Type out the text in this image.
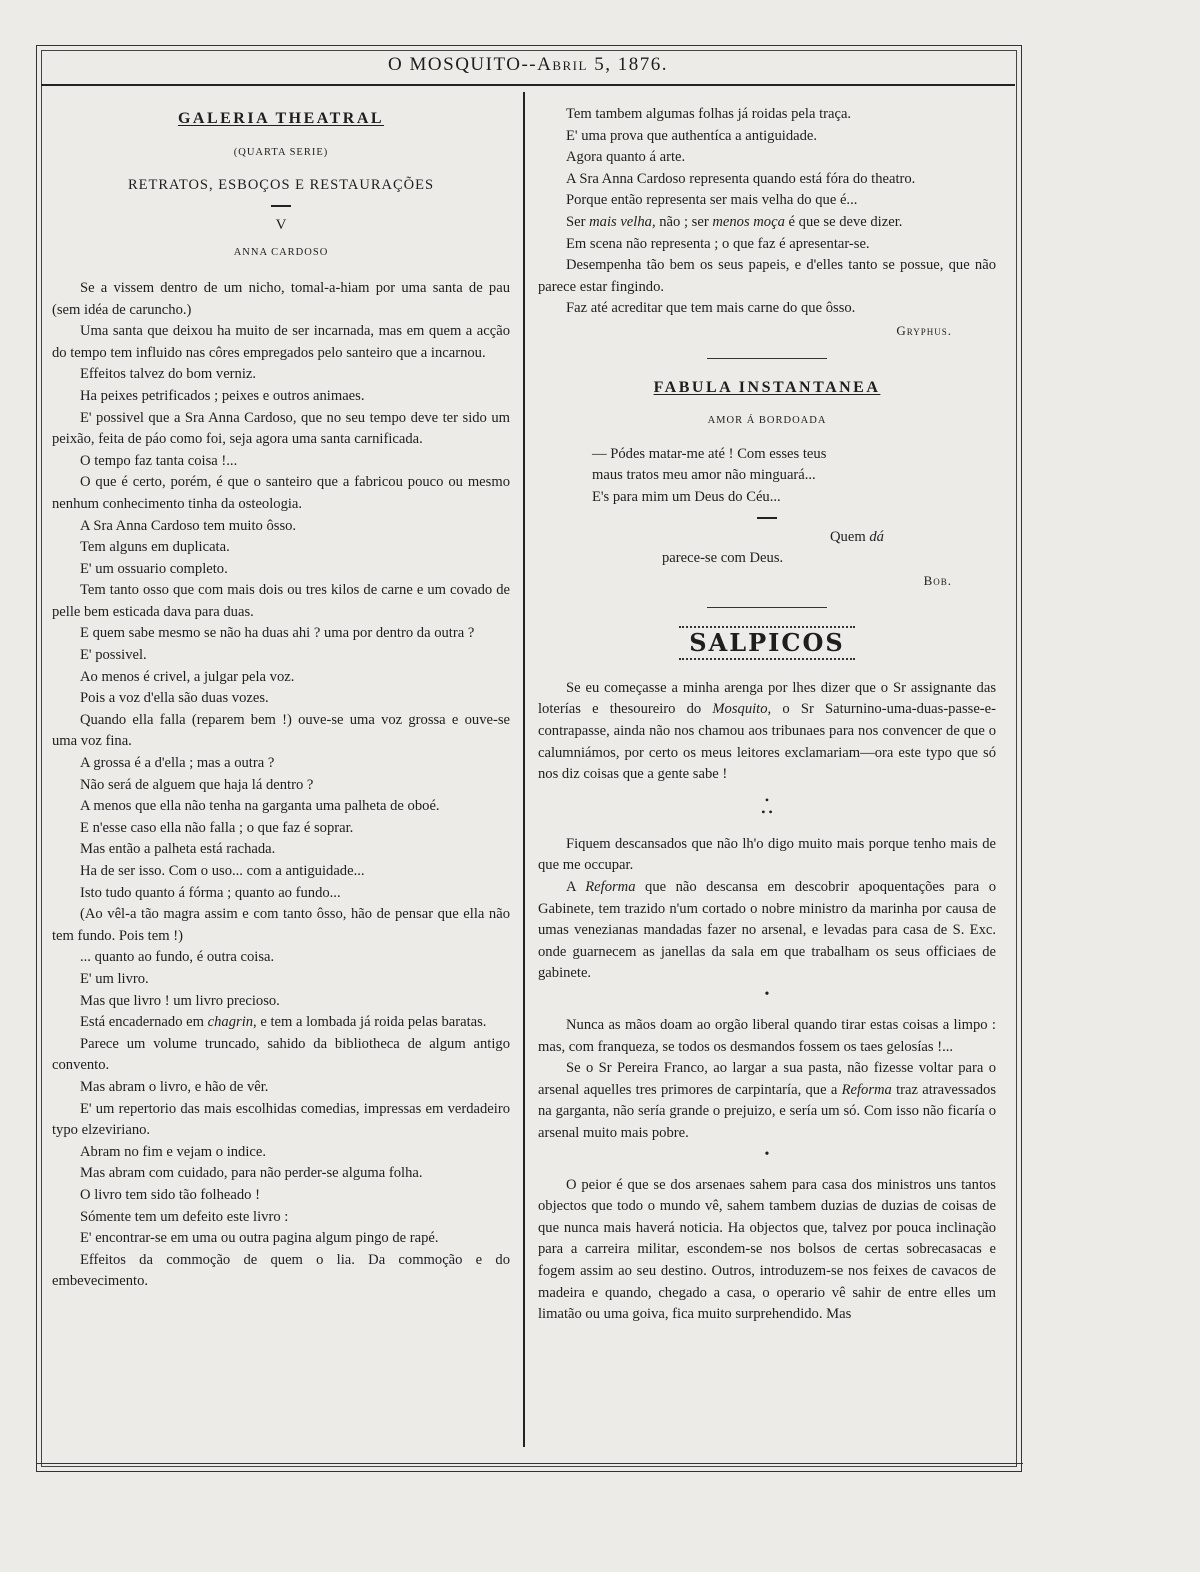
O MOSQUITO--Abril 5, 1876.
GALERIA THEATRAL
(QUARTA SERIE)
RETRATOS, ESBOÇOS E RESTAURAÇÕES
V
ANNA CARDOSO

Se a vissem dentro de um nicho, tomal-a-hiam por uma santa de pau (sem idéa de caruncho.)

Uma santa que deixou ha muito de ser incarnada, mas em quem a acção do tempo tem influido nas côres empregados pelo santeiro que a incarnou.

Effeitos talvez do bom verniz.

Ha peixes petrificados ; peixes e outros animaes.

E' possivel que a Sra Anna Cardoso, que no seu tempo deve ter sido um peixão, feita de páo como foi, seja agora uma santa carnificada.

O tempo faz tanta coisa !...

O que é certo, porém, é que o santeiro que a fabricou pouco ou mesmo nenhum conhecimento tinha da osteologia.

A Sra Anna Cardoso tem muito ôsso.

Tem alguns em duplicata.

E' um ossuario completo.

Tem tanto osso que com mais dois ou tres kilos de carne e um covado de pelle bem esticada dava para duas.

E quem sabe mesmo se não ha duas ahi ? uma por dentro da outra ?

E' possivel.

Ao menos é crivel, a julgar pela voz.

Pois a voz d'ella são duas vozes.

Quando ella falla (reparem bem !) ouve-se uma voz grossa e ouve-se uma voz fina.

A grossa é a d'ella ; mas a outra ?

Não será de alguem que haja lá dentro ?

A menos que ella não tenha na garganta uma palheta de oboé.

E n'esse caso ella não falla ; o que faz é soprar.

Mas então a palheta está rachada.

Ha de ser isso. Com o uso... com a antiguidade...

Isto tudo quanto á fórma ; quanto ao fundo...

(Ao vêl-a tão magra assim e com tanto ôsso, hão de pensar que ella não tem fundo. Pois tem !)

... quanto ao fundo, é outra coisa.

E' um livro.

Mas que livro ! um livro precioso.

Está encadernado em chagrin, e tem a lombada já roida pelas baratas.

Parece um volume truncado, sahido da bibliotheca de algum antigo convento.

Mas abram o livro, e hão de vêr.

E' um repertorio das mais escolhidas comedias, impressas em verdadeiro typo elzeviriano.

Abram no fim e vejam o indice.

Mas abram com cuidado, para não perder-se alguma folha.

O livro tem sido tão folheado !

Sómente tem um defeito este livro :

E' encontrar-se em uma ou outra pagina algum pingo de rapé.

Effeitos da commoção de quem o lia. Da commoção e do embevecimento.

Tem tambem algumas folhas já roidas pela traça.

E' uma prova que authentíca a antiguidade.

Agora quanto á arte.

A Sra Anna Cardoso representa quando está fóra do theatro.

Porque então representa ser mais velha do que é...

Ser mais velha, não ; ser menos moça é que se deve dizer.

Em scena não representa ; o que faz é apresentar-se.

Desempenha tão bem os seus papeis, e d'elles tanto se possue, que não parece estar fingindo.

Faz até acreditar que tem mais carne do que ôsso.

Gryphus.
FABULA INSTANTANEA
AMOR Á BORDOADA
— Pódes matar-me até ! Com esses teus
maus tratos meu amor não minguará...
E's para mim um Deus do Céu...
Quem dá
parece-se com Deus.
Bob.
SALPICOS

Se eu começasse a minha arenga por lhes dizer que o Sr assignante das loterías e thesoureiro do Mosquito, o Sr Saturnino-uma-duas-passe-e-contrapasse, ainda não nos chamou aos tribunaes para nos convencer de que o calumniámos, por certo os meus leitores exclamariam—ora este typo que só nos diz coisas que a gente sabe !

•
• •

Fiquem descansados que não lh'o digo muito mais porque tenho mais de que me occupar.

A Reforma que não descansa em descobrir apoquentações para o Gabinete, tem trazido n'um cortado o nobre ministro da marinha por causa de umas venezianas mandadas fazer no arsenal, e levadas para casa de S. Exc. onde guarnecem as janellas da sala em que trabalham os seus officiaes de gabinete.

•

Nunca as mãos doam ao orgão liberal quando tirar estas coisas a limpo : mas, com franqueza, se todos os desmandos fossem os taes gelosías !...

Se o Sr Pereira Franco, ao largar a sua pasta, não fizesse voltar para o arsenal aquelles tres primores de carpintaría, que a Reforma traz atravessados na garganta, não sería grande o prejuizo, e sería um só. Com isso não ficaría o arsenal muito mais pobre.

•

O peior é que se dos arsenaes sahem para casa dos ministros uns tantos objectos que todo o mundo vê, sahem tambem duzias de duzias de coisas de que nunca mais haverá noticia. Ha objectos que, talvez por pouca inclinação para a carreira militar, escondem-se nos bolsos de certas sobrecasacas e fogem assim ao seu destino. Outros, introduzem-se nos feixes de cavacos de madeira e quando, chegado a casa, o operario vê sahir de entre elles um limatão ou uma goiva, fica muito surprehendido. Mas
